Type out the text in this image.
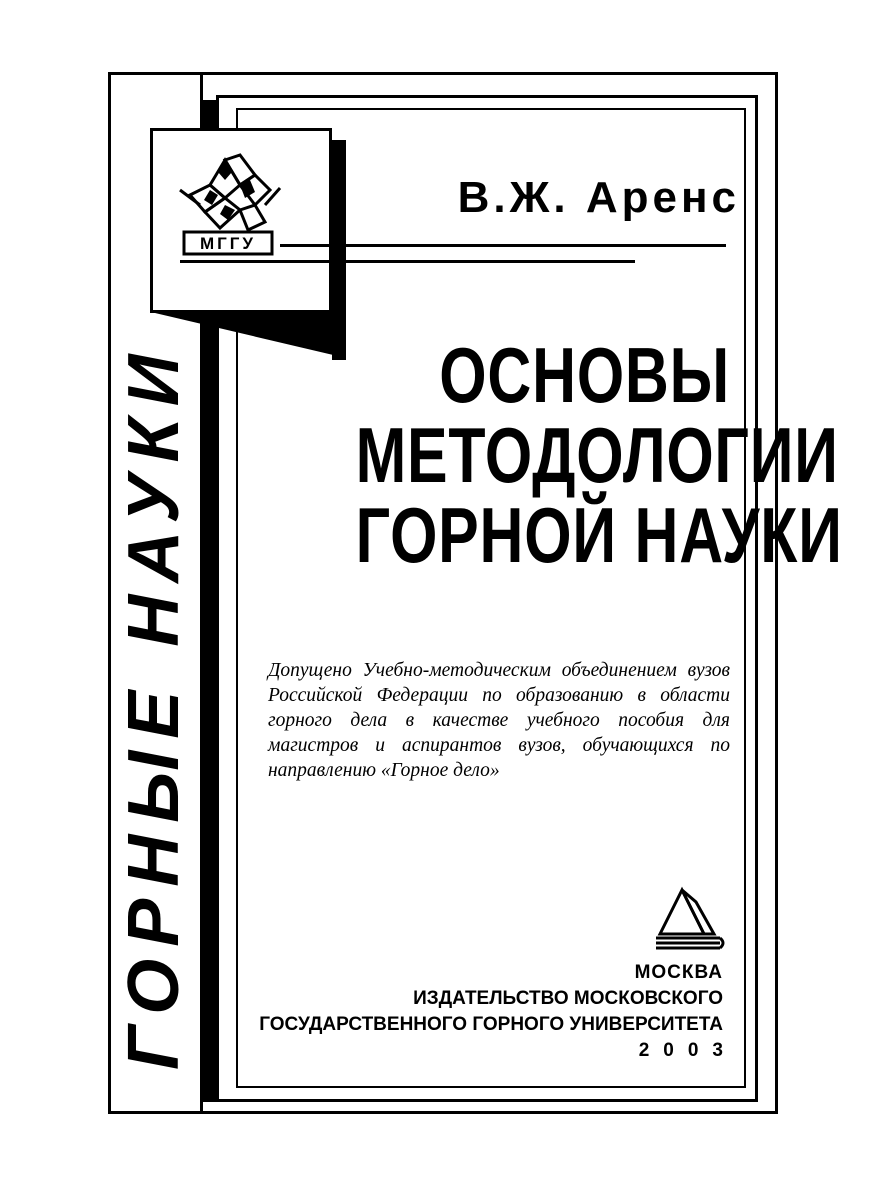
ГОРНЫЕ НАУКИ
МГГУ
В.Ж. Аренс
ОСНОВЫ
МЕТОДОЛОГИИ
ГОРНОЙ НАУКИ
Допущено Учебно-методическим объединением вузов Российской Федерации по образованию в области горного дела в качестве учебного пособия для магистров и аспирантов вузов, обучающихся по направлению «Горное дело»
МОСКВА
ИЗДАТЕЛЬСТВО МОСКОВСКОГО
ГОСУДАРСТВЕННОГО ГОРНОГО УНИВЕРСИТЕТА
2003
